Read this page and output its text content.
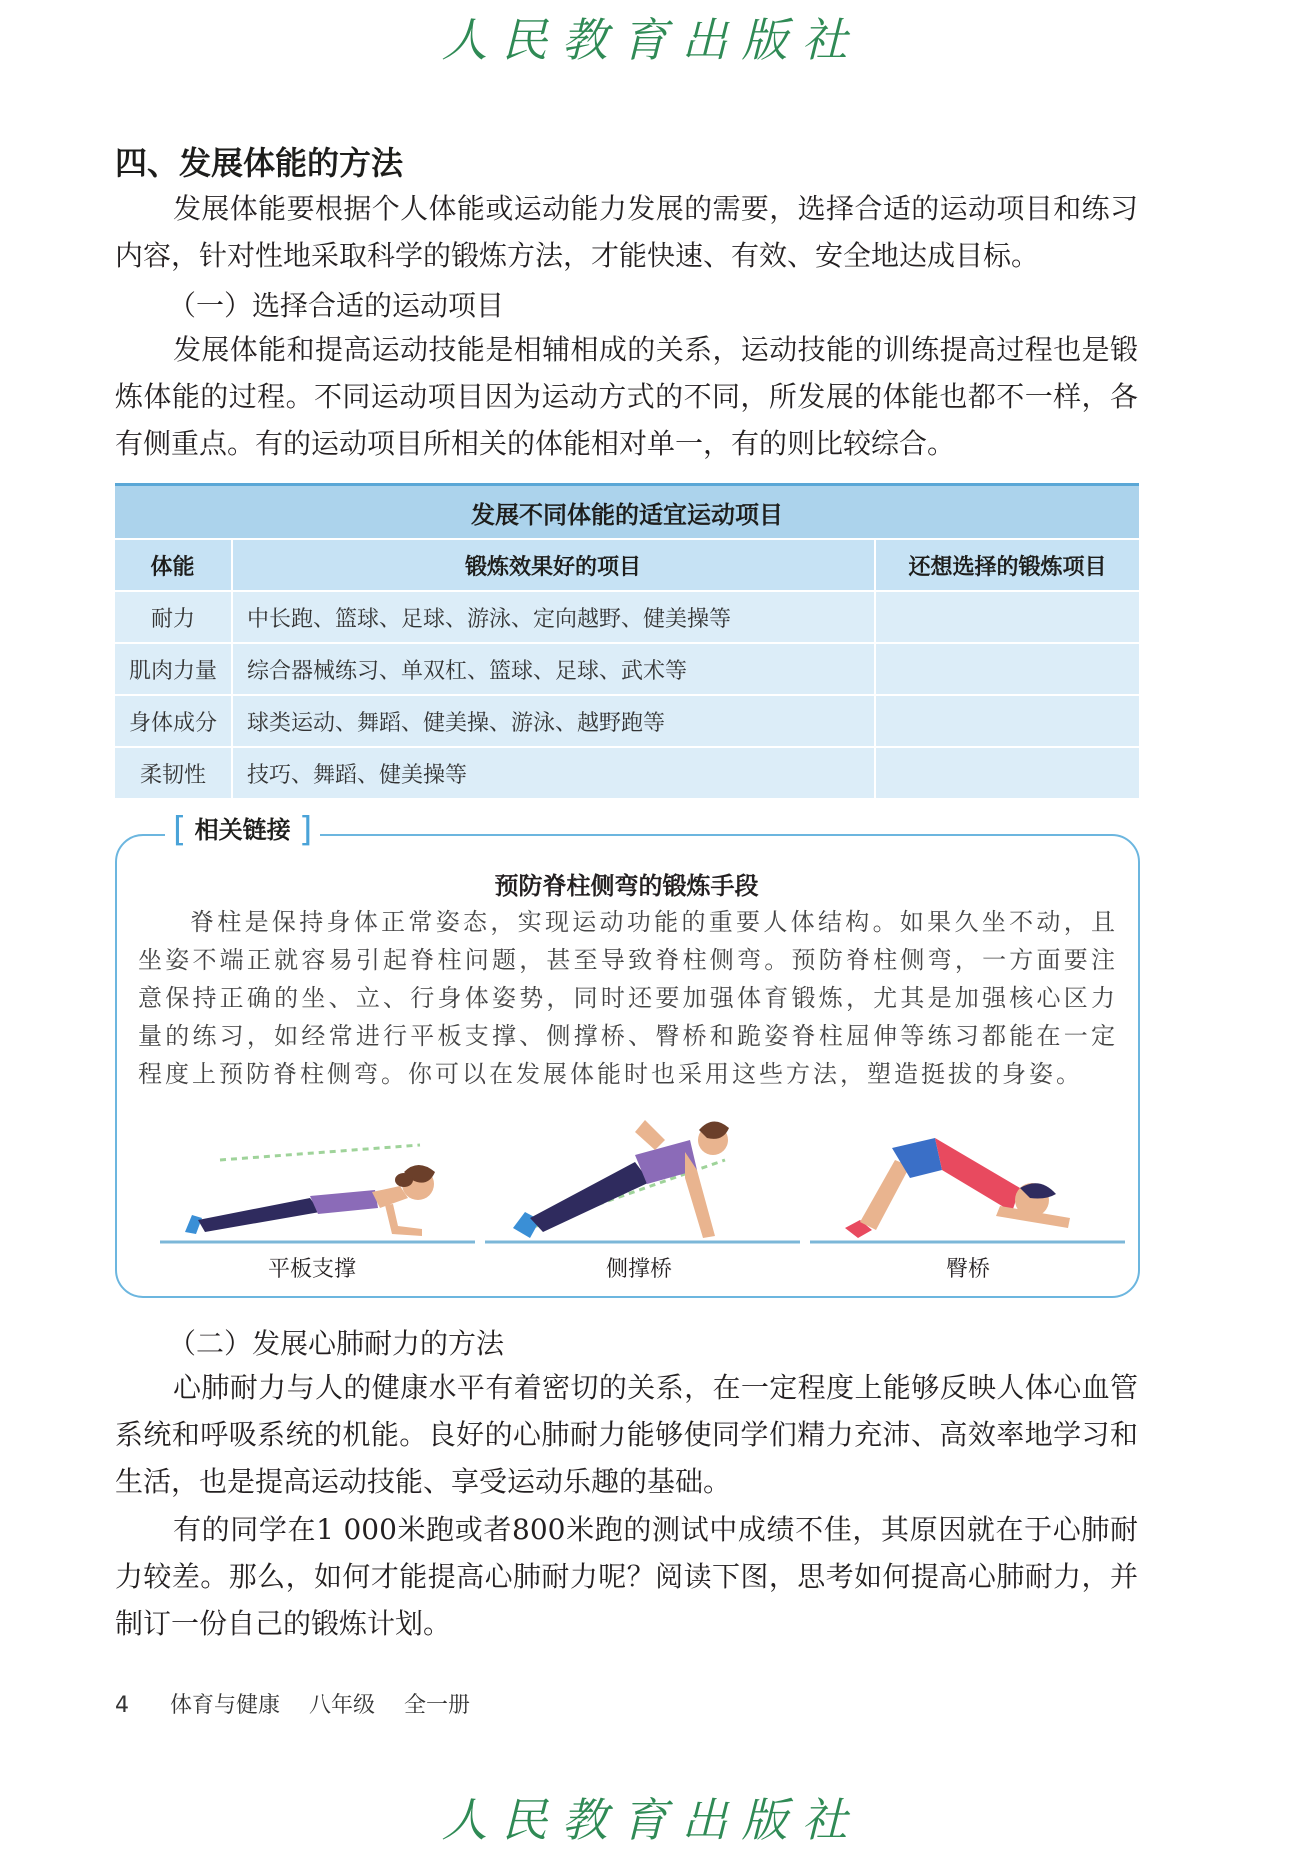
人民教育出版社
四、发展体能的方法

发展体能要根据个人体能或运动能力发展的需要，选择合适的运动项目和练习内容，针对性地采取科学的锻炼方法，才能快速、有效、安全地达成目标。

（一）选择合适的运动项目

发展体能和提高运动技能是相辅相成的关系，运动技能的训练提高过程也是锻炼体能的过程。不同运动项目因为运动方式的不同，所发展的体能也都不一样，各有侧重点。有的运动项目所相关的体能相对单一，有的则比较综合。

发展不同体能的适宜运动项目		
体能	锻炼效果好的项目	还想选择的锻炼项目
耐力	中长跑、篮球、足球、游泳、定向越野、健美操等	
肌肉力量	综合器械练习、单双杠、篮球、足球、武术等	
身体成分	球类运动、舞蹈、健美操、游泳、越野跑等	
柔韧性	技巧、舞蹈、健美操等	
[ 相关链接 ]
预防脊柱侧弯的锻炼手段

脊柱是保持身体正常姿态，实现运动功能的重要人体结构。如果久坐不动，且坐姿不端正就容易引起脊柱问题，甚至导致脊柱侧弯。预防脊柱侧弯，一方面要注意保持正确的坐、立、行身体姿势，同时还要加强体育锻炼，尤其是加强核心区力量的练习，如经常进行平板支撑、侧撑桥、臀桥和跪姿脊柱屈伸等练习都能在一定程度上预防脊柱侧弯。你可以在发展体能时也采用这些方法，塑造挺拔的身姿。

平板支撑	侧撑桥	臀桥
（二）发展心肺耐力的方法

心肺耐力与人的健康水平有着密切的关系，在一定程度上能够反映人体心血管系统和呼吸系统的机能。良好的心肺耐力能够使同学们精力充沛、高效率地学习和生活，也是提高运动技能、享受运动乐趣的基础。

有的同学在1 000米跑或者800米跑的测试中成绩不佳，其原因就在于心肺耐力较差。那么，如何才能提高心肺耐力呢？阅读下图，思考如何提高心肺耐力，并制订一份自己的锻炼计划。

4 体育与健康 八年级 全一册
人民教育出版社
